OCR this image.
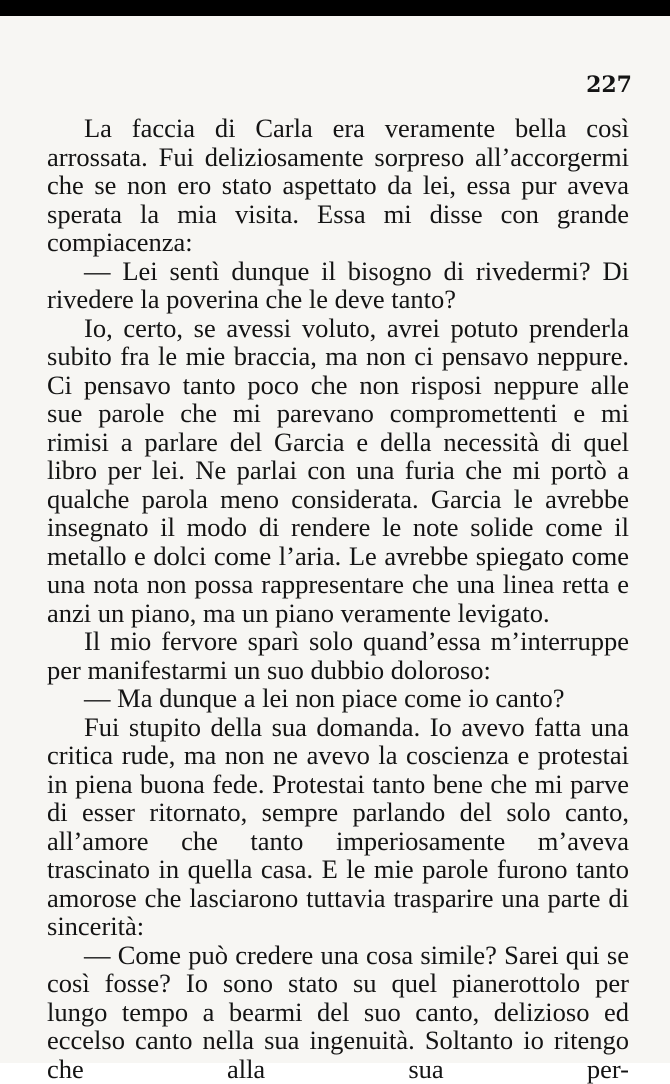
227

La faccia di Carla era veramente bella così arrossata. Fui deliziosamente sorpreso all’accorgermi che se non ero stato aspettato da lei, essa pur aveva sperata la mia visita. Essa mi disse con grande compiacenza:

— Lei sentì dunque il bisogno di rivedermi? Di rivedere la poverina che le deve tanto?

Io, certo, se avessi voluto, avrei potuto prenderla subito fra le mie braccia, ma non ci pensavo neppure. Ci pensavo tanto poco che non risposi neppure alle sue parole che mi parevano compromettenti e mi rimisi a parlare del Garcia e della necessità di quel libro per lei. Ne parlai con una furia che mi portò a qualche parola meno considerata. Garcia le avrebbe insegnato il modo di rendere le note solide come il metallo e dolci come l’aria. Le avrebbe spiegato come una nota non possa rappresentare che una linea retta e anzi un piano, ma un piano veramente levigato.

Il mio fervore sparì solo quand’essa m’interruppe per manifestarmi un suo dubbio doloroso:

— Ma dunque a lei non piace come io canto?

Fui stupito della sua domanda. Io avevo fatta una critica rude, ma non ne avevo la coscienza e protestai in piena buona fede. Protestai tanto bene che mi parve di esser ritornato, sempre parlando del solo canto, all’amore che tanto imperiosamente m’aveva trascinato in quella casa. E le mie parole furono tanto amorose che lasciarono tuttavia trasparire una parte di sincerità:

— Come può credere una cosa simile? Sarei qui se così fosse? Io sono stato su quel pianerottolo per lungo tempo a bearmi del suo canto, delizioso ed eccelso canto nella sua ingenuità. Soltanto io ritengo che alla sua per-
